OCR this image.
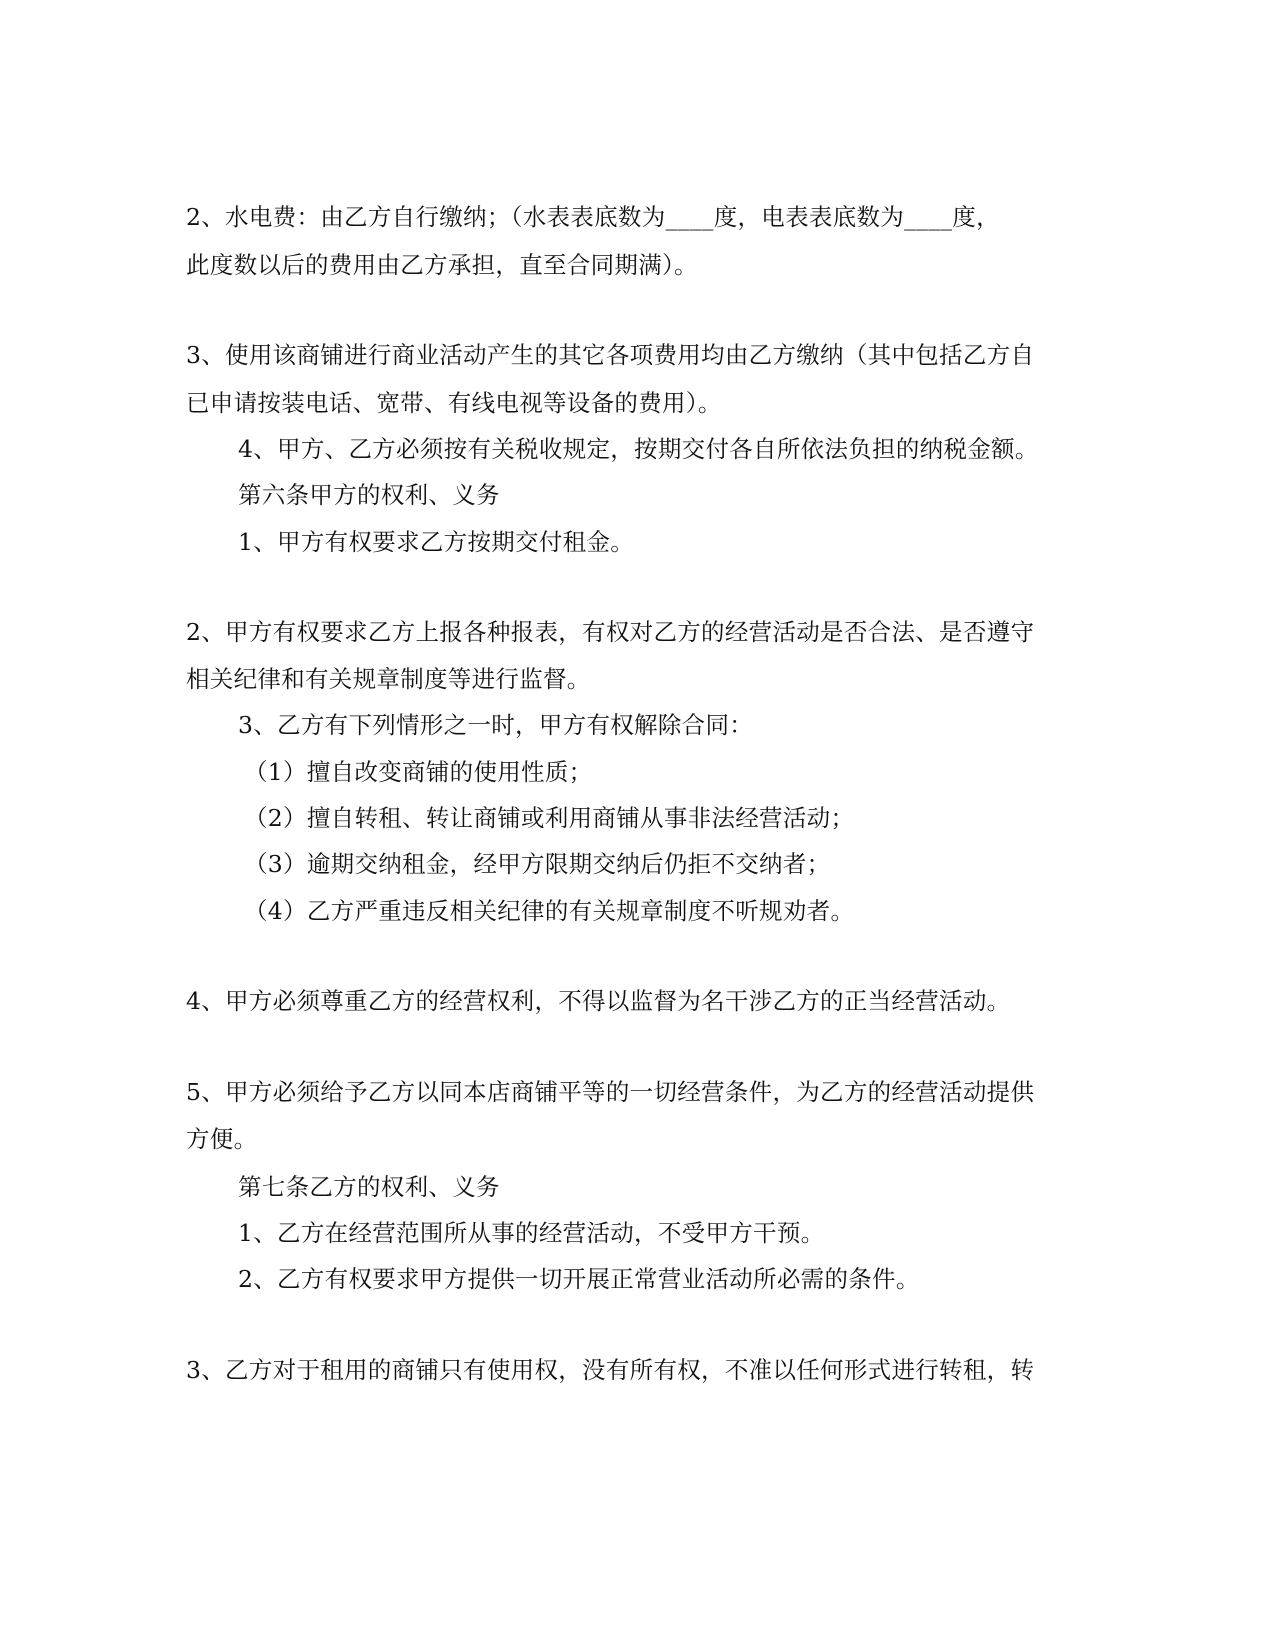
2、水电费：由乙方自行缴纳；（水表表底数为____度，电表表底数为____度，
此度数以后的费用由乙方承担，直至合同期满）。
3、使用该商铺进行商业活动产生的其它各项费用均由乙方缴纳（其中包括乙方自
已申请按装电话、宽带、有线电视等设备的费用）。
4、甲方、乙方必须按有关税收规定，按期交付各自所依法负担的纳税金额。
第六条甲方的权利、义务
1、甲方有权要求乙方按期交付租金。
2、甲方有权要求乙方上报各种报表，有权对乙方的经营活动是否合法、是否遵守
相关纪律和有关规章制度等进行监督。
3、乙方有下列情形之一时，甲方有权解除合同：
（1）擅自改变商铺的使用性质；
（2）擅自转租、转让商铺或利用商铺从事非法经营活动；
（3）逾期交纳租金，经甲方限期交纳后仍拒不交纳者；
（4）乙方严重违反相关纪律的有关规章制度不听规劝者。
4、甲方必须尊重乙方的经营权利，不得以监督为名干涉乙方的正当经营活动。
5、甲方必须给予乙方以同本店商铺平等的一切经营条件，为乙方的经营活动提供
方便。
第七条乙方的权利、义务
1、乙方在经营范围所从事的经营活动，不受甲方干预。
2、乙方有权要求甲方提供一切开展正常营业活动所必需的条件。
3、乙方对于租用的商铺只有使用权，没有所有权，不准以任何形式进行转租，转
